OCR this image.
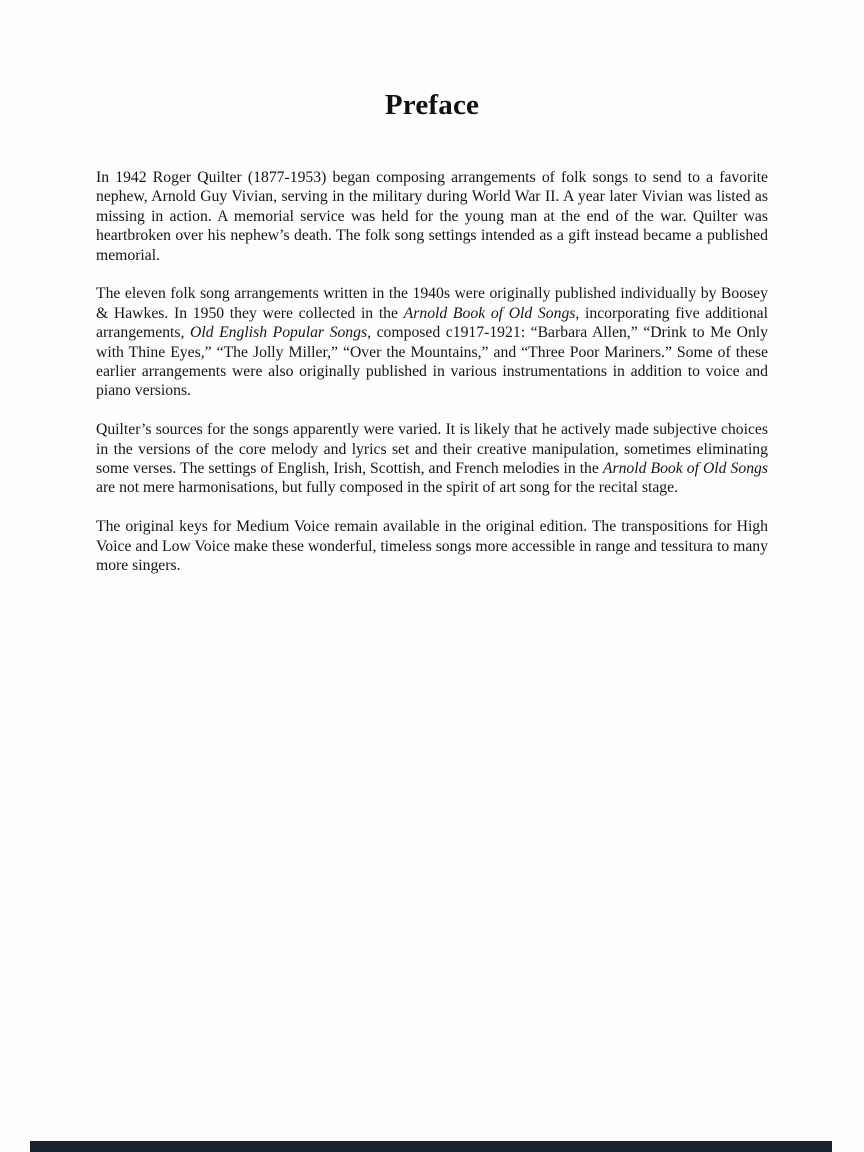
Preface

In 1942 Roger Quilter (1877-1953) began composing arrangements of folk songs to send to a favorite nephew, Arnold Guy Vivian, serving in the military during World War II. A year later Vivian was listed as missing in action. A memorial service was held for the young man at the end of the war. Quilter was heartbroken over his nephew’s death. The folk song settings intended as a gift instead became a published memorial.

The eleven folk song arrangements written in the 1940s were originally published individually by Boosey & Hawkes. In 1950 they were collected in the Arnold Book of Old Songs, incorporating five additional arrangements, Old English Popular Songs, composed c1917-1921: “Barbara Allen,” “Drink to Me Only with Thine Eyes,” “The Jolly Miller,” “Over the Mountains,” and “Three Poor Mariners.” Some of these earlier arrangements were also originally published in various instrumentations in addition to voice and piano versions.

Quilter’s sources for the songs apparently were varied. It is likely that he actively made subjective choices in the versions of the core melody and lyrics set and their creative manipulation, sometimes eliminating some verses. The settings of English, Irish, Scottish, and French melodies in the Arnold Book of Old Songs are not mere harmonisations, but fully composed in the spirit of art song for the recital stage.

The original keys for Medium Voice remain available in the original edition. The transpositions for High Voice and Low Voice make these wonderful, timeless songs more accessible in range and tessitura to many more singers.
